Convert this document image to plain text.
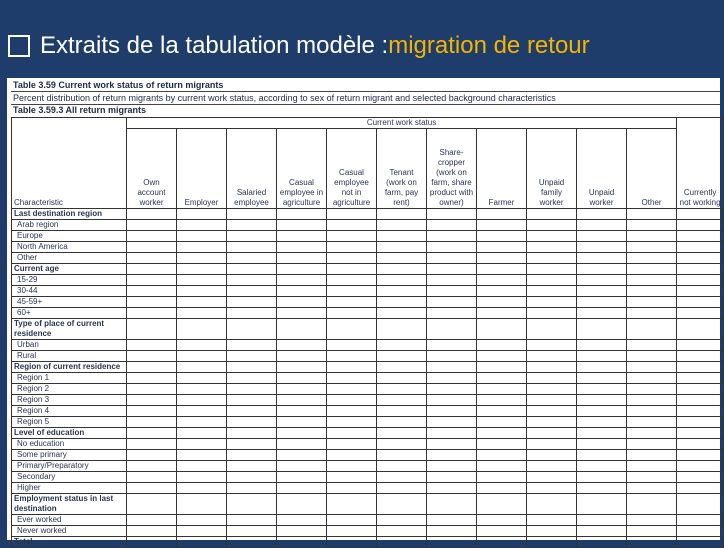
Extraits de la tabulation modèle : migration de retour
Table 3.59 Current work status of return migrants
Percent distribution of return migrants by current work status, according to sex of return migrant and selected background characteristics
Table 3.59.3 All return migrants
Characteristic	Current work status											Currently not working
	Own account worker	Employer	Salaried employee	Casual employee in agriculture	Casual employee not in agriculture	Tenant (work on farm, pay rent)	Share-cropper (work on farm, share product with owner)	Farmer	Unpaid family worker	Unpaid worker	Other	
Last destination region												
Arab region												
Europe												
North America												
Other												
Current age												
15-29												
30-44												
45-59+												
60+												
Type of place of current residence												
Urban												
Rural												
Region of current residence												
Region 1												
Region 2												
Region 3												
Region 4												
Region 5												
Level of education												
No education												
Some primary												
Primary/Preparatory												
Secondary												
Higher												
Employment status in last destination												
Ever worked												
Never worked												
Total												
